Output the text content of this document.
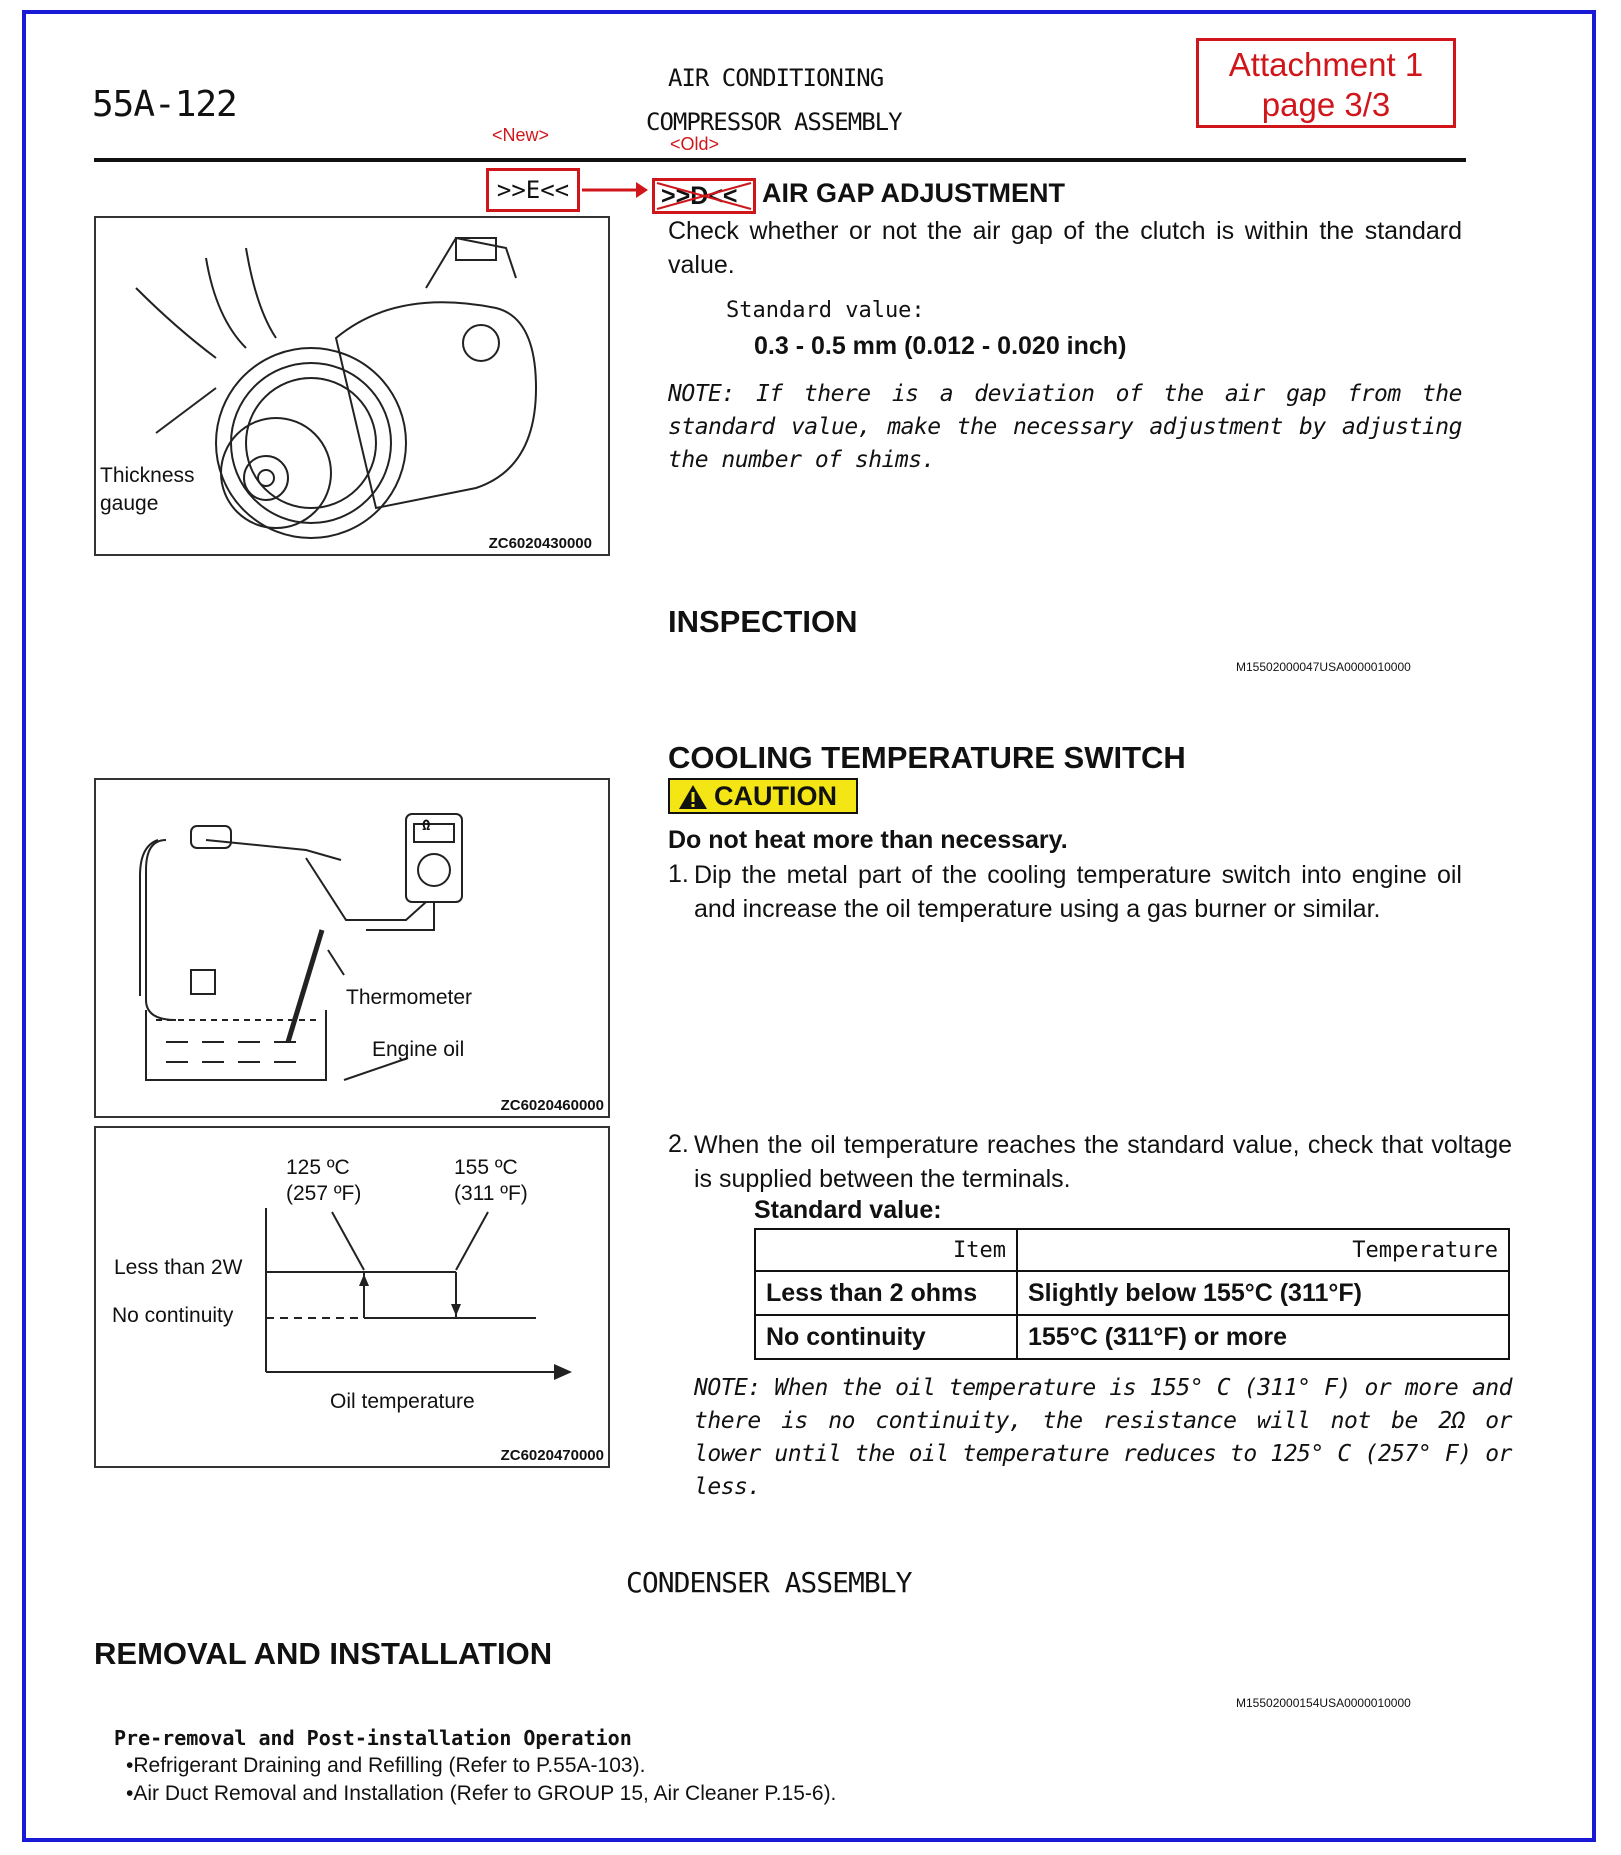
55A-122
AIR CONDITIONING
COMPRESSOR ASSEMBLY
Attachment 1
page 3/3
<New>	<Old>
>>E<<	>>D<< AIR GAP ADJUSTMENT
Check whether or not the air gap of the clutch is within the standard value.
Standard value:
0.3 - 0.5 mm (0.012 - 0.020 inch)
NOTE: If there is a deviation of the air gap from the standard value, make the necessary adjustment by adjusting the number of shims.
Thickness
gauge
ZC6020430000
INSPECTION
M15502000047USA0000010000
COOLING TEMPERATURE SWITCH
CAUTION
Do not heat more than necessary.
1. Dip the metal part of the cooling temperature switch into engine oil and increase the oil temperature using a gas burner or similar.
Ω
Thermometer
Engine oil
ZC6020460000
125 ºC
(257 ºF)
155 ºC
(311 ºF)
Less than 2W
No continuity
Oil temperature
ZC6020470000
2. When the oil temperature reaches the standard value, check that voltage is supplied between the terminals.
Standard value:
Item	Temperature
Less than 2 ohms	Slightly below 155°C (311°F)
No continuity	155°C (311°F) or more
NOTE: When the oil temperature is 155° C (311° F) or more and there is no continuity, the resistance will not be 2Ω or lower until the oil temperature reduces to 125° C (257° F) or less.
CONDENSER ASSEMBLY
REMOVAL AND INSTALLATION
M15502000154USA0000010000
Pre-removal and Post-installation Operation
•Refrigerant Draining and Refilling (Refer to P.55A-103).
•Air Duct Removal and Installation (Refer to GROUP 15, Air Cleaner P.15-6).
